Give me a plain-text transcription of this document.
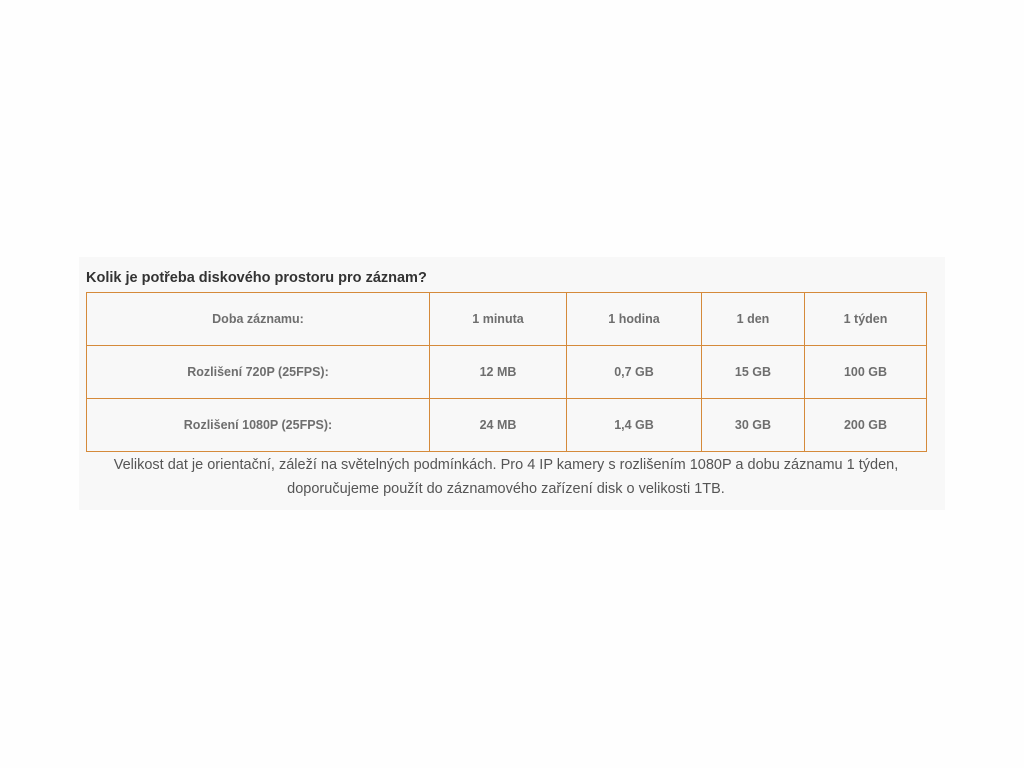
Kolik je potřeba diskového prostoru pro záznam?
Doba záznamu:	1 minuta	1 hodina	1 den	1 týden
Rozlišení 720P (25FPS):	12 MB	0,7 GB	15 GB	100 GB
Rozlišení 1080P (25FPS):	24 MB	1,4 GB	30 GB	200 GB

Velikost dat je orientační, záleží na světelných podmínkách. Pro 4 IP kamery s rozlišením 1080P a dobu záznamu 1 týden,
doporučujeme použít do záznamového zařízení disk o velikosti 1TB.
